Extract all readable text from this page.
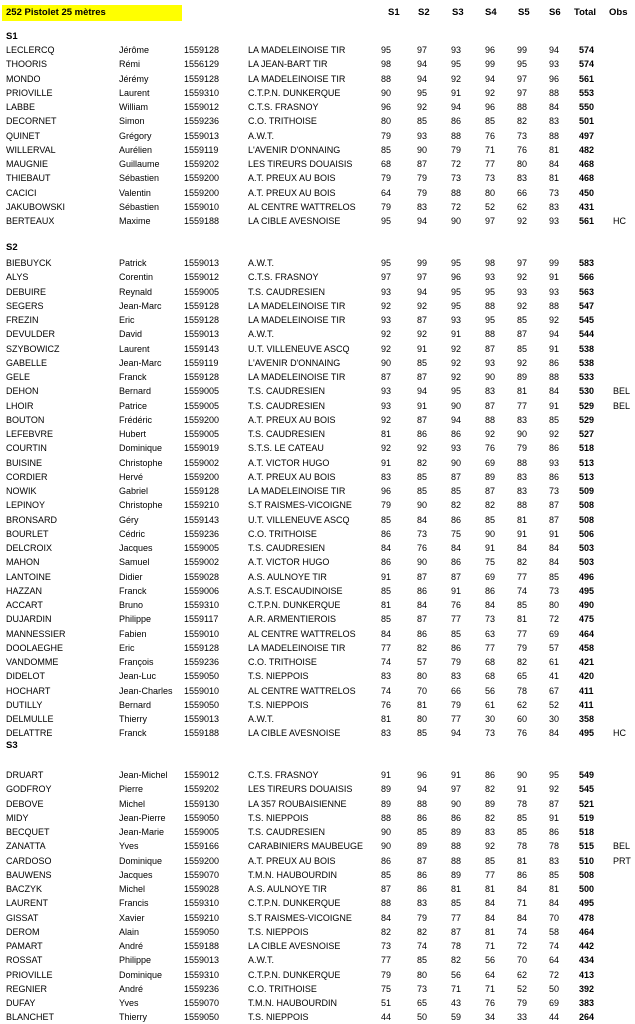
252 Pistolet 25 mètres	S1 S2 S3 S4 S5 S6 Total Obs
S1
LECLERCQ	Jérôme	1559128	LA MADELEINOISE TIR	95	97	93	96 99 94 574
THOORIS	Rémi	1556129	LA JEAN-BART TIR	98	94	95	99 95 93 574
MONDO	Jérémy	1559128	LA MADELEINOISE TIR	88	94	92	94 97 96 561
PRIOVILLE	Laurent	1559310	C.T.P.N. DUNKERQUE	90	95	91	92 97 88 553
LABBE	William	1559012	C.T.S. FRASNOY	96	92	94	96 88 84 550
DECORNET	Simon	1559236	C.O. TRITHOISE	80	85	86	85 82 83 501
QUINET	Grégory	1559013	A.W.T.	79	93	88	76 73 88 497
WILLERVAL	Aurélien	1559119	L'AVENIR D'ONNAING	85	90	79	71 76 81 482
MAUGNIE	Guillaume	1559202	LES TIREURS DOUAISIS	68	87	72	77 80 84 468
THIEBAUT	Sébastien	1559200	A.T. PREUX AU BOIS	79	79	73	73 83 81 468
CACICI	Valentin	1559200	A.T. PREUX AU BOIS	64	79	88	80 66 73 450
JAKUBOWSKI	Sébastien	1559010	AL CENTRE WATTRELOS	79	83	72	52 62 83 431
BERTEAUX	Maxime	1559188	LA CIBLE AVESNOISE	95	94	90	97 92 93 561 HC
S2
BIEBUYCK	Patrick	1559013	A.W.T.	95	99	95	98 97 99 583
ALYS	Corentin	1559012	C.T.S. FRASNOY	97	97	96	93 92 91 566
DEBUIRE	Reynald	1559005	T.S. CAUDRESIEN	93	94	95	95 93 93 563
SEGERS	Jean-Marc 1559128	LA MADELEINOISE TIR	92	92	95	88 92 88 547
FREZIN	Eric	1559128	LA MADELEINOISE TIR	93	87	93	95 85 92 545
DEVULDER	David	1559013	A.W.T.	92	92	91	88 87 94 544
SZYBOWICZ	Laurent	1559143	U.T. VILLENEUVE ASCQ	92	91	92	87 85 91 538
GABELLE	Jean-Marc 1559119	L'AVENIR D'ONNAING	90	85	92	93 92 86 538
GELE	Franck	1559128	LA MADELEINOISE TIR	87	87	92	90 89 88 533
DEHON	Bernard	1559005	T.S. CAUDRESIEN	93	94	95	83 81 84 530 BEL
LHOIR	Patrice	1559005	T.S. CAUDRESIEN	93	91	90	87 77 91 529 BEL
BOUTON	Frédéric	1559200	A.T. PREUX AU BOIS	92	87	94	88 83 85 529
LEFEBVRE	Hubert	1559005	T.S. CAUDRESIEN	81	86	86	92 90 92 527
COURTIN	Dominique 1559019	S.T.S. LE CATEAU	92	92	93	76 79 86 518
BUISINE	Christophe 1559002	A.T. VICTOR HUGO	91	82	90	69 88 93 513
CORDIER	Hervé	1559200	A.T. PREUX AU BOIS	83	85	87	89 83 86 513
NOWIK	Gabriel	1559128	LA MADELEINOISE TIR	96	85	85	87 83 73 509
LEPINOY	Christophe 1559210	S.T RAISMES-VICOIGNE	79	90	82	82 88 87 508
BRONSARD	Géry	1559143	U.T. VILLENEUVE ASCQ	85	84	86	85 81 87 508
BOURLET	Cédric	1559236	C.O. TRITHOISE	86	73	75	90 91 91 506
DELCROIX	Jacques	1559005	T.S. CAUDRESIEN	84	76	84	91 84 84 503
MAHON	Samuel	1559002	A.T. VICTOR HUGO	86	90	86	75 82 84 503
LANTOINE	Didier	1559028	A.S. AULNOYE TIR	91	87	87	69 77 85 496
HAZZAN	Franck	1559006	A.S.T. ESCAUDINOISE	85	86	91	86 74 73 495
ACCART	Bruno	1559310	C.T.P.N. DUNKERQUE	81	84	76	84 85 80 490
DUJARDIN	Philippe	1559117	A.R. ARMENTIEROIS	85	87	77	73 81 72 475
MANNESSIER	Fabien	1559010	AL CENTRE WATTRELOS	84	86	85	63 77 69 464
DOOLAEGHE	Eric	1559128	LA MADELEINOISE TIR	77	82	86	77 79 57 458
VANDOMME	François	1559236	C.O. TRITHOISE	74	57	79	68 82 61 421
DIDELOT	Jean-Luc	1559050	T.S. NIEPPOIS	83	80	83	68 65 41 420
HOCHART	Jean-Charles 1559010	AL CENTRE WATTRELOS	74	70	66	56 78 67 411
DUTILLY	Bernard	1559050	T.S. NIEPPOIS	76	81	79	61 62 52 411
DELMULLE	Thierry	1559013	A.W.T.	81	80	77	30 60 30 358
DELATTRE	Franck	1559188	LA CIBLE AVESNOISE	83	85	94	73 76 84 495 HC
S3
DRUART	Jean-Michel 1559012	C.T.S. FRASNOY	91	96	91	86 90 95 549
GODFROY	Pierre	1559202	LES TIREURS DOUAISIS	89	94	97	82 91 92 545
DEBOVE	Michel	1559130	LA 357 ROUBAISIENNE	89	88	90	89 78 87 521
MIDY	Jean-Pierre 1559050	T.S. NIEPPOIS	88	86	86	82 85 91 519
BECQUET	Jean-Marie 1559005	T.S. CAUDRESIEN	90	85	89	83 85 86 518
ZANATTA	Yves	1559166	CARABINIERS MAUBEUGE 90	89	88	92 78 78 515 BEL
CARDOSO	Dominique 1559200	A.T. PREUX AU BOIS	86	87	88	85 81 83 510 PRT
BAUWENS	Jacques	1559070	T.M.N. HAUBOURDIN	85	86	89	77 86 85 508
BACZYK	Michel	1559028	A.S. AULNOYE TIR	87	86	81	81 84 81 500
LAURENT	Francis	1559310	C.T.P.N. DUNKERQUE	88	83	85	84 71 84 495
GISSAT	Xavier	1559210	S.T RAISMES-VICOIGNE	84	79	77	84 84 70 478
DEROM	Alain	1559050	T.S. NIEPPOIS	82	82	87	81 74 58 464
PAMART	André	1559188	LA CIBLE AVESNOISE	73	74	78	71 72 74 442
ROSSAT	Philippe	1559013	A.W.T.	77	85	82	56 70 64 434
PRIOVILLE	Dominique 1559310	C.T.P.N. DUNKERQUE	79	80	56	64 62 72 413
REGNIER	André	1559236	C.O. TRITHOISE	75	73	71	71 52 50 392
DUFAY	Yves	1559070	T.M.N. HAUBOURDIN	51	65	43	76 79 69 383
BLANCHET	Thierry	1559050	T.S. NIEPPOIS	44	50	59	34 33 44 264
